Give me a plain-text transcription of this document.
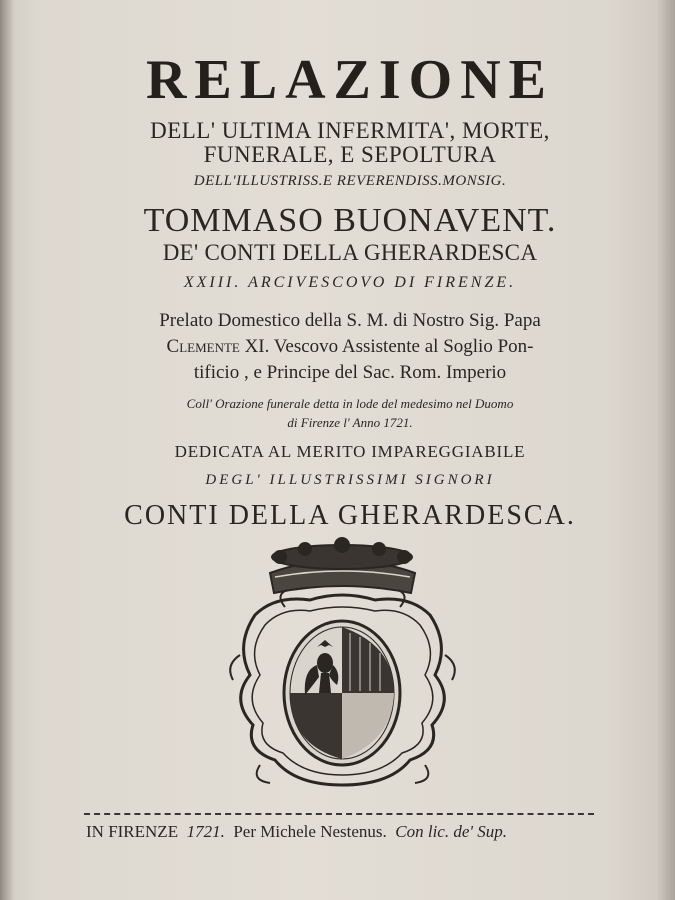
RELAZIONE
DELL' ULTIMA INFERMITA', MORTE,
FUNERALE, E SEPOLTURA
DELL'ILLUSTRISS.E REVERENDISS.MONSIG.
TOMMASO BUONAVENT.
DE' CONTI DELLA GHERARDESCA
XXIII. ARCIVESCOVO DI FIRENZE.
Prelato Domestico della S. M. di Nostro Sig. Papa
Clemente XI. Vescovo Assistente al Soglio Pon-
tificio , e Principe del Sac. Rom. Imperio
Coll' Orazione funerale detta in lode del medesimo nel Duomo
di Firenze l' Anno 1721.
DEDICATA AL MERITO IMPAREGGIABILE
DEGL' ILLUSTRISSIMI SIGNORI
CONTI DELLA GHERARDESCA.
IN FIRENZE 1721. Per Michele Nestenus. Con lic. de' Sup.
